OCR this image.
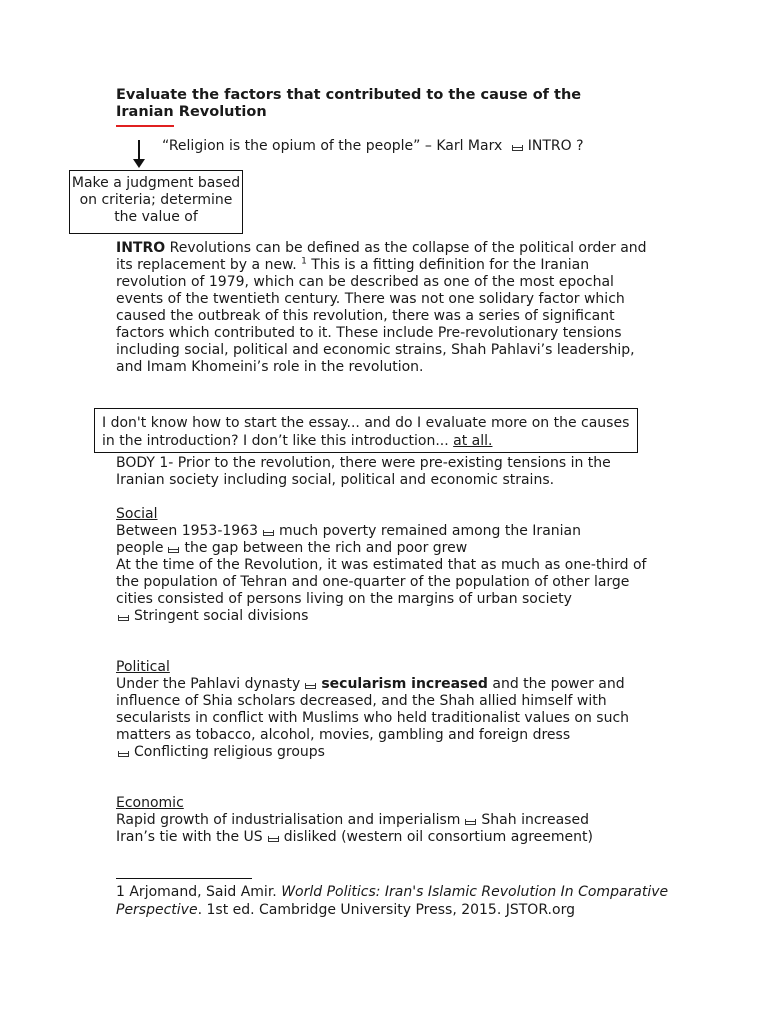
Evaluate the factors that contributed to the cause of the Iranian Revolution
“Religion is the opium of the people” – Karl Marx INTRO ?
Make a judgment based on criteria; determine the value of
INTRO Revolutions can be defined as the collapse of the political order and its replacement by a new. $^1$ This is a fitting definition for the Iranian revolution of 1979, which can be described as one of the most epochal events of the twentieth century. There was not one solidary factor which caused the outbreak of this revolution, there was a series of significant factors which contributed to it. These include Pre-revolutionary tensions including social, political and economic strains, Shah Pahlavi’s leadership, and Imam Khomeini’s role in the revolution.
I don't know how to start the essay... and do I evaluate more on the causes in the introduction? I don’t like this introduction... at all.
BODY 1- Prior to the revolution, there were pre-existing tensions in the Iranian society including social, political and economic strains.
Social
Between 1953-1963 much poverty remained among the Iranian
people the gap between the rich and poor grew
At the time of the Revolution, it was estimated that as much as one-third of the population of Tehran and one-quarter of the population of other large cities consisted of persons living on the margins of urban society
Stringent social divisions
Political
Under the Pahlavi dynasty secularism increased and the power and influence of Shia scholars decreased, and the Shah allied himself with secularists in conflict with Muslims who held traditionalist values on such matters as tobacco, alcohol, movies, gambling and foreign dress
Conflicting religious groups
Economic
Rapid growth of industrialisation and imperialism Shah increased
Iran’s tie with the US disliked (western oil consortium agreement)
1 Arjomand, Said Amir. World Politics: Iran's Islamic Revolution In Comparative Perspective. 1st ed. Cambridge University Press, 2015. JSTOR.org
